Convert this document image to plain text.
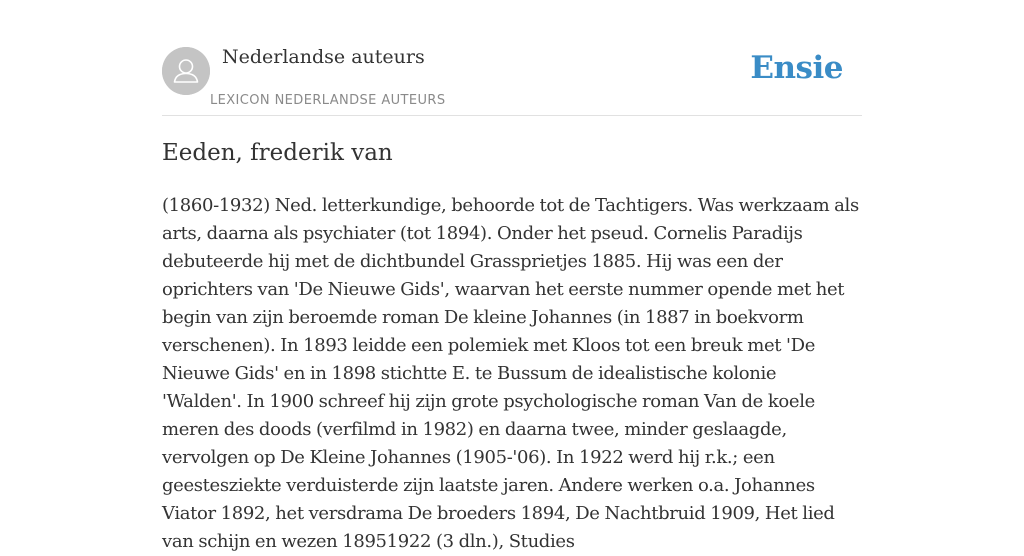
Nederlandse auteurs
LEXICON NEDERLANDSE AUTEURS
Ensie
Eeden, frederik van

(1860-1932) Ned. letterkundige, behoorde tot de Tachtigers. Was werkzaam als arts, daarna als psychiater (tot 1894). Onder het pseud. Cornelis Paradijs debuteerde hij met de dichtbundel Grassprietjes 1885. Hij was een der oprichters van 'De Nieuwe Gids', waarvan het eerste nummer opende met het begin van zijn beroemde roman De kleine Johannes (in 1887 in boekvorm verschenen). In 1893 leidde een polemiek met Kloos tot een breuk met 'De Nieuwe Gids' en in 1898 stichtte E. te Bussum de idealistische kolonie 'Walden'. In 1900 schreef hij zijn grote psychologische roman Van de koele meren des doods (verfilmd in 1982) en daarna twee, minder geslaagde, vervolgen op De Kleine Johannes (1905-'06). In 1922 werd hij r.k.; een geestesziekte verduisterde zijn laatste jaren. Andere werken o.a. Johannes Viator 1892, het versdrama De broeders 1894, De Nachtbruid 1909, Het lied van schijn en wezen 18951922 (3 dln.), Studies
